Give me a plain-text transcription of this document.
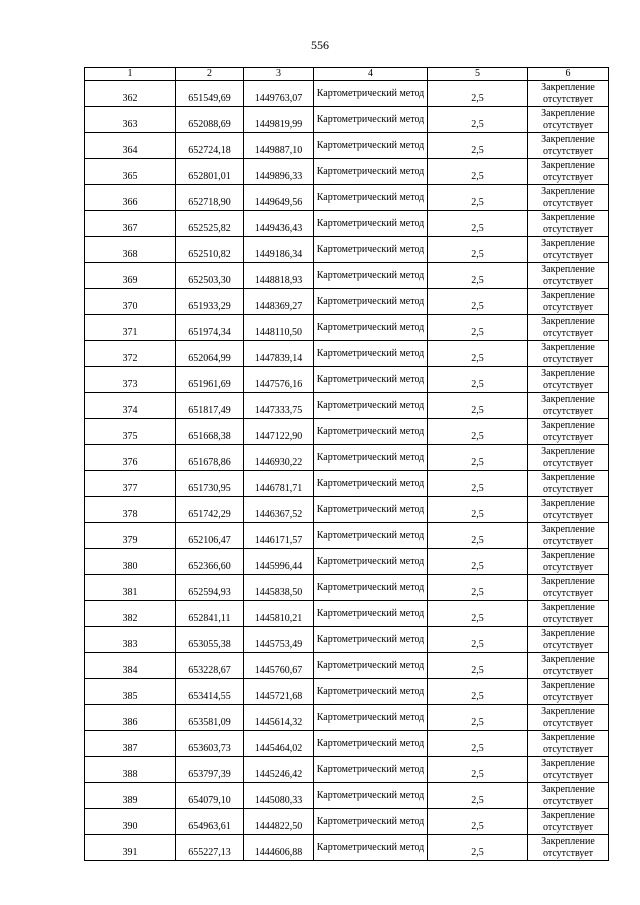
556
1	2	3	4	5	6
362	651549,69	1449763,07	Картометрический метод	2,5	Закрепление отсутствует
363	652088,69	1449819,99	Картометрический метод	2,5	Закрепление отсутствует
364	652724,18	1449887,10	Картометрический метод	2,5	Закрепление отсутствует
365	652801,01	1449896,33	Картометрический метод	2,5	Закрепление отсутствует
366	652718,90	1449649,56	Картометрический метод	2,5	Закрепление отсутствует
367	652525,82	1449436,43	Картометрический метод	2,5	Закрепление отсутствует
368	652510,82	1449186,34	Картометрический метод	2,5	Закрепление отсутствует
369	652503,30	1448818,93	Картометрический метод	2,5	Закрепление отсутствует
370	651933,29	1448369,27	Картометрический метод	2,5	Закрепление отсутствует
371	651974,34	1448110,50	Картометрический метод	2,5	Закрепление отсутствует
372	652064,99	1447839,14	Картометрический метод	2,5	Закрепление отсутствует
373	651961,69	1447576,16	Картометрический метод	2,5	Закрепление отсутствует
374	651817,49	1447333,75	Картометрический метод	2,5	Закрепление отсутствует
375	651668,38	1447122,90	Картометрический метод	2,5	Закрепление отсутствует
376	651678,86	1446930,22	Картометрический метод	2,5	Закрепление отсутствует
377	651730,95	1446781,71	Картометрический метод	2,5	Закрепление отсутствует
378	651742,29	1446367,52	Картометрический метод	2,5	Закрепление отсутствует
379	652106,47	1446171,57	Картометрический метод	2,5	Закрепление отсутствует
380	652366,60	1445996,44	Картометрический метод	2,5	Закрепление отсутствует
381	652594,93	1445838,50	Картометрический метод	2,5	Закрепление отсутствует
382	652841,11	1445810,21	Картометрический метод	2,5	Закрепление отсутствует
383	653055,38	1445753,49	Картометрический метод	2,5	Закрепление отсутствует
384	653228,67	1445760,67	Картометрический метод	2,5	Закрепление отсутствует
385	653414,55	1445721,68	Картометрический метод	2,5	Закрепление отсутствует
386	653581,09	1445614,32	Картометрический метод	2,5	Закрепление отсутствует
387	653603,73	1445464,02	Картометрический метод	2,5	Закрепление отсутствует
388	653797,39	1445246,42	Картометрический метод	2,5	Закрепление отсутствует
389	654079,10	1445080,33	Картометрический метод	2,5	Закрепление отсутствует
390	654963,61	1444822,50	Картометрический метод	2,5	Закрепление отсутствует
391	655227,13	1444606,88	Картометрический метод	2,5	Закрепление отсутствует
